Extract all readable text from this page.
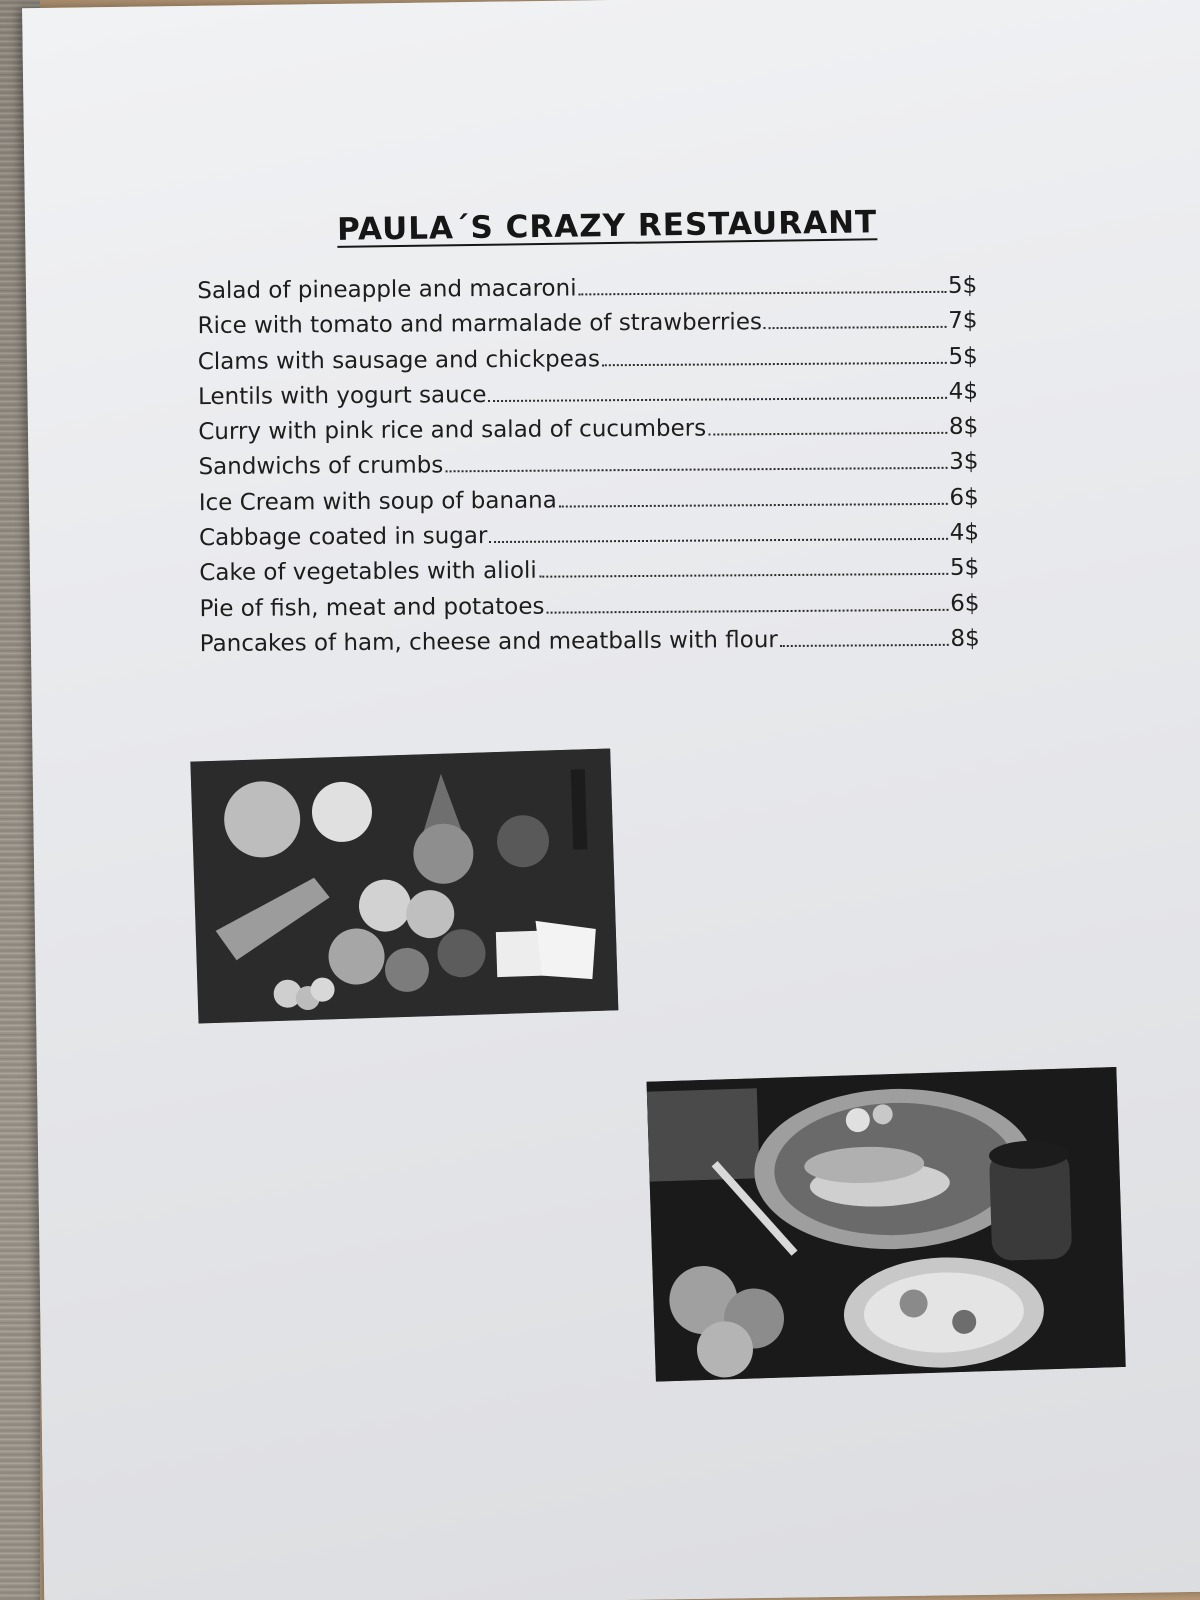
PAULA´S CRAZY RESTAURANT
Salad of pineapple and macaroni	5$
Rice with tomato and marmalade of strawberries	7$
Clams with sausage and chickpeas	5$
Lentils with yogurt sauce	4$
Curry with pink rice and salad of cucumbers	8$
Sandwichs of crumbs	3$
Ice Cream with soup of banana	6$
Cabbage coated in sugar	4$
Cake of vegetables with alioli	5$
Pie of fish, meat and potatoes	6$
Pancakes of ham, cheese and meatballs with flour	8$
